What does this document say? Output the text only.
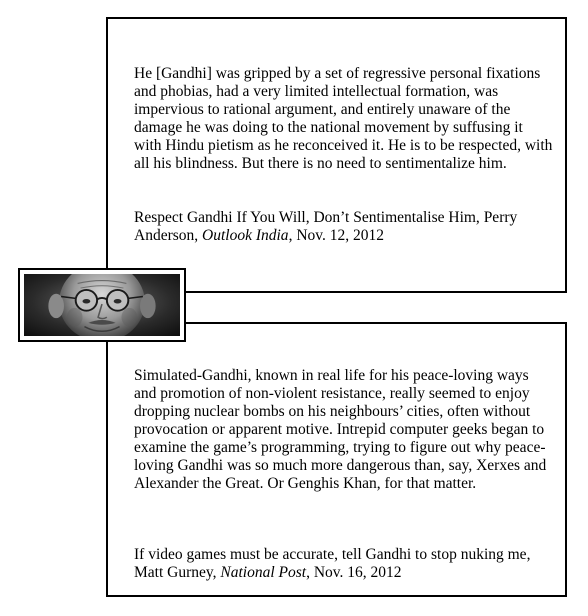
He [Gandhi] was gripped by a set of regressive personal fixations and phobias, had a very limited intellectual formation, was impervious to rational argument, and entirely unaware of the damage he was doing to the national movement by suffusing it with Hindu pietism as he reconceived it. He is to be respected, with all his blindness. But there is no need to sentimentalize him.

Respect Gandhi If You Will, Don’t Sentimentalise Him, Perry Anderson, Outlook India, Nov. 12, 2012

Simulated-Gandhi, known in real life for his peace-loving ways and promotion of non-violent resistance, really seemed to enjoy dropping nuclear bombs on his neighbours’ cities, often without provocation or apparent motive. Intrepid computer geeks began to examine the game’s programming, trying to figure out why peace-loving Gandhi was so much more dangerous than, say, Xerxes and Alexander the Great. Or Genghis Khan, for that matter.

If video games must be accurate, tell Gandhi to stop nuking me, Matt Gurney, National Post, Nov. 16, 2012
